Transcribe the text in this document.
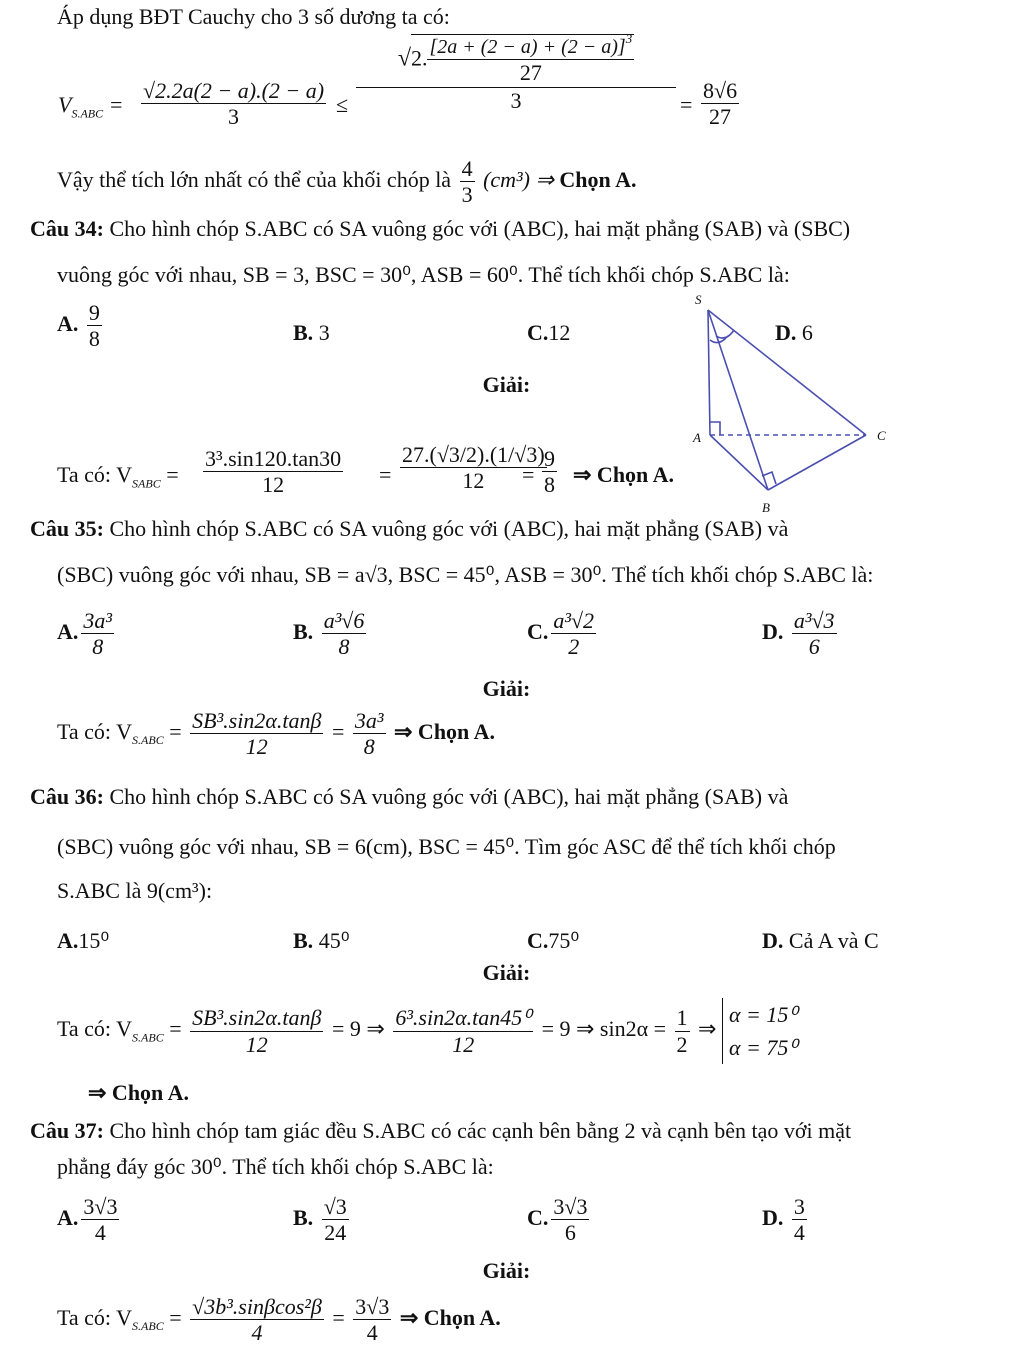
Áp dụng BĐT Cauchy cho 3 số dương ta có:
$V_{S.ABC} = \frac{√2.2a(2 - a).(2 - a)}{3}$ ≤
√2. $\frac{[2a + (2 - a) + (2 - a)]^3}{27}$
3	= $\frac{8√6}{27}$
Vậy thể tích lớn nhất có thể của khối chóp là $\frac{4}{3} (cm^3)$ ⇒ Chọn A.
Câu 34: Cho hình chóp S.ABC có SA vuông góc với (ABC), hai mặt phẳng (SAB) và (SBC)
vuông góc với nhau, SB = 3, BSC = 30⁰, ASB = 60⁰. Thể tích khối chóp S.ABC là:
A. $\frac{9}{8}$	B. 3	C.12	D. 6
S
A
B
C
Giải:
Ta có: $V_{SABC} = \frac{\text{3³.sin120.tan30}}{12} = \frac{27.(√3/2).(1/√3)}{12}$
= $\frac{9}{8}$ ⇒ Chọn A.
Câu 35: Cho hình chóp S.ABC có SA vuông góc với (ABC), hai mặt phẳng (SAB) và
(SBC) vuông góc với nhau, SB = a√3, BSC = 45⁰, ASB = 30⁰. Thể tích khối chóp S.ABC là:
A. $\frac{\text{3a³}}{8}$	B. $\frac{\text{a³√6}}{8}$	C. $\frac{\text{a³√2}}{2}$	D. $\frac{\text{a³√3}}{6}$
Giải:
Ta có: $V_{S.ABC} = \frac{\text{SB³.sin2α.tanβ}}{12} = \frac{\text{3a³}}{8}$ ⇒ Chọn A.
Câu 36: Cho hình chóp S.ABC có SA vuông góc với (ABC), hai mặt phẳng (SAB) và
(SBC) vuông góc với nhau, SB = 6(cm), BSC = 45⁰. Tìm góc ASC để thể tích khối chóp
S.ABC là 9(cm³):
A.15⁰	B. 45⁰	C.75⁰	D. Cả A và C
Giải:
Ta có: $V_{S.ABC} = \frac{\text{SB³.sin2α.tanβ}}{12} = 9$ ⇒ $\frac{\text{6³.sin2α.tan45⁰}}{12} = 9$ ⇒ $\sin 2\alpha = \frac{1}{2}$ ⇒
α = 15⁰
α = 75⁰
⇒ Chọn A.
Câu 37: Cho hình chóp tam giác đều S.ABC có các cạnh bên bằng 2 và cạnh bên tạo với mặt
phẳng đáy góc 30⁰. Thể tích khối chóp S.ABC là:
A. $\frac{3√3}{4}$	B. $\frac{√3}{24}$	C. $\frac{3√3}{6}$	D. $\frac{3}{4}$
Giải:
Ta có: $V_{S.ABC} = \frac{\text{√3b³.sinβcos²β}}{4} = \frac{3√3}{4}$ ⇒ Chọn A.
